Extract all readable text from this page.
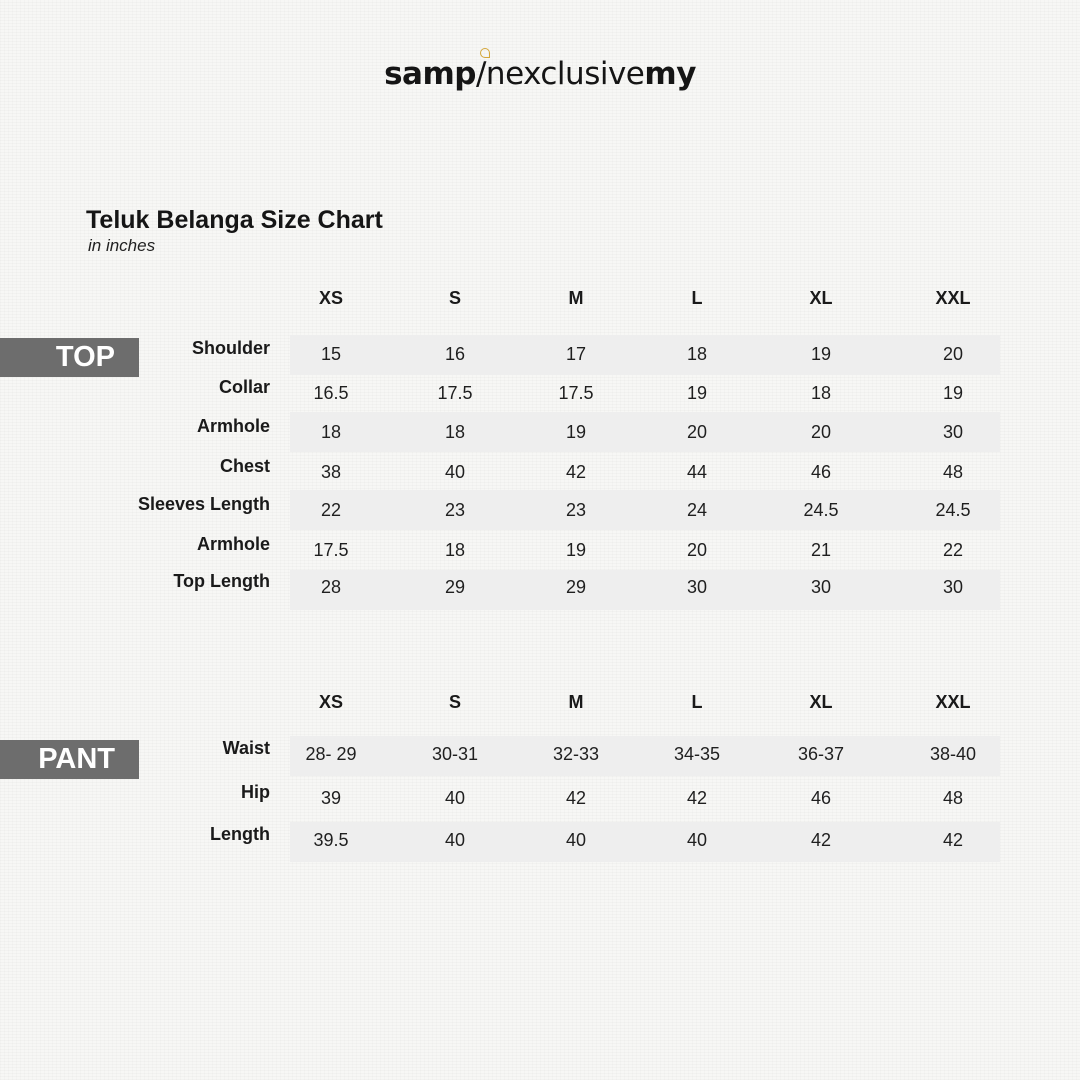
samp
/nexclusivemy
Teluk Belanga Size Chart
in inches
TOP
PANT
XS	S	M	L	XL	XXL
Shoulder	15	16	17	18	19	20
Collar 16.5	17.5	17.5	19	18	19
Armhole	18	18	19	20	20	30
Chest	38	40	42	44	46	48
Sleeves Length	22	23	23	24	24.5	24.5
Armhole 17.5	18	19	20	21	22
Top Length	28	29	29	30	30	30
XS	S	M	L	XL	XXL
Waist 28- 29	30-31	32-33	34-35	36-37	38-40
Hip	39	40	42	42	46	48
Length 39.5	40	40	40	42	42
